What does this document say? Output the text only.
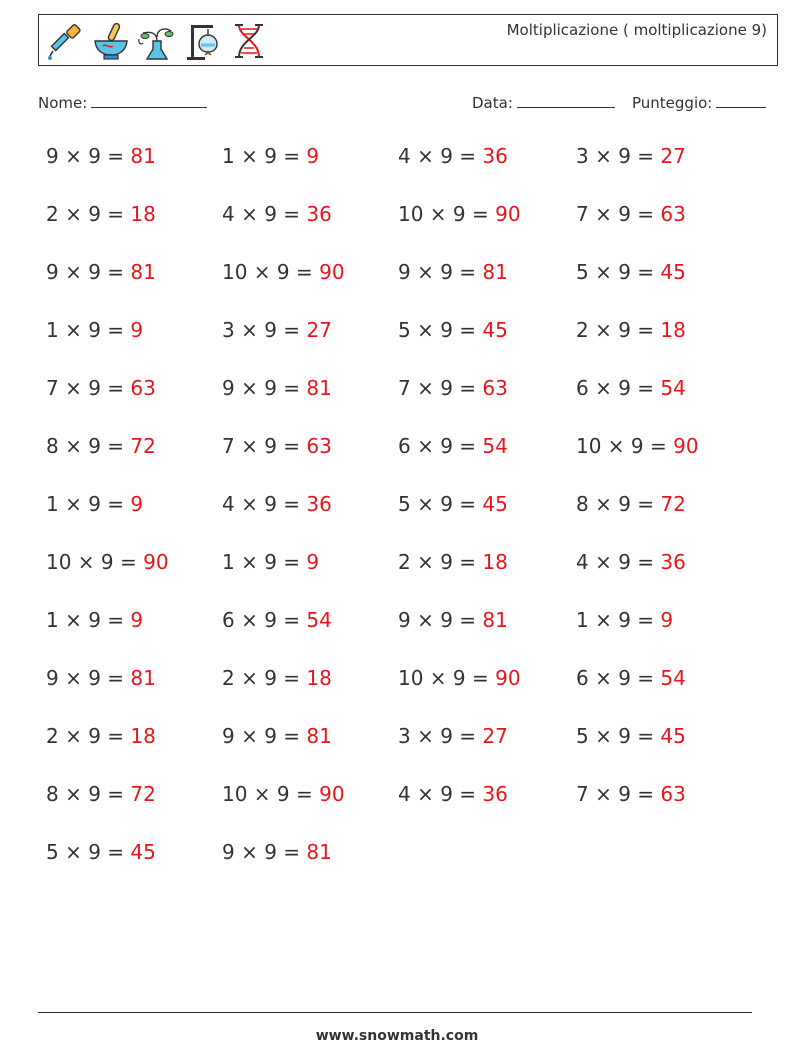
Moltiplicazione ( moltiplicazione 9)
Nome:	Data:	Punteggio:
9 × 9 = 81	1 × 9 = 9	4 × 9 = 36	3 × 9 = 27
2 × 9 = 18	4 × 9 = 36	10 × 9 = 90	7 × 9 = 63
9 × 9 = 81	10 × 9 = 90	9 × 9 = 81	5 × 9 = 45
1 × 9 = 9	3 × 9 = 27	5 × 9 = 45	2 × 9 = 18
7 × 9 = 63	9 × 9 = 81	7 × 9 = 63	6 × 9 = 54
8 × 9 = 72	7 × 9 = 63	6 × 9 = 54	10 × 9 = 90
1 × 9 = 9	4 × 9 = 36	5 × 9 = 45	8 × 9 = 72
10 × 9 = 90	1 × 9 = 9	2 × 9 = 18	4 × 9 = 36
1 × 9 = 9	6 × 9 = 54	9 × 9 = 81	1 × 9 = 9
9 × 9 = 81	2 × 9 = 18	10 × 9 = 90	6 × 9 = 54
2 × 9 = 18	9 × 9 = 81	3 × 9 = 27	5 × 9 = 45
8 × 9 = 72	10 × 9 = 90	4 × 9 = 36	7 × 9 = 63
5 × 9 = 45	9 × 9 = 81
www.snowmath.com
